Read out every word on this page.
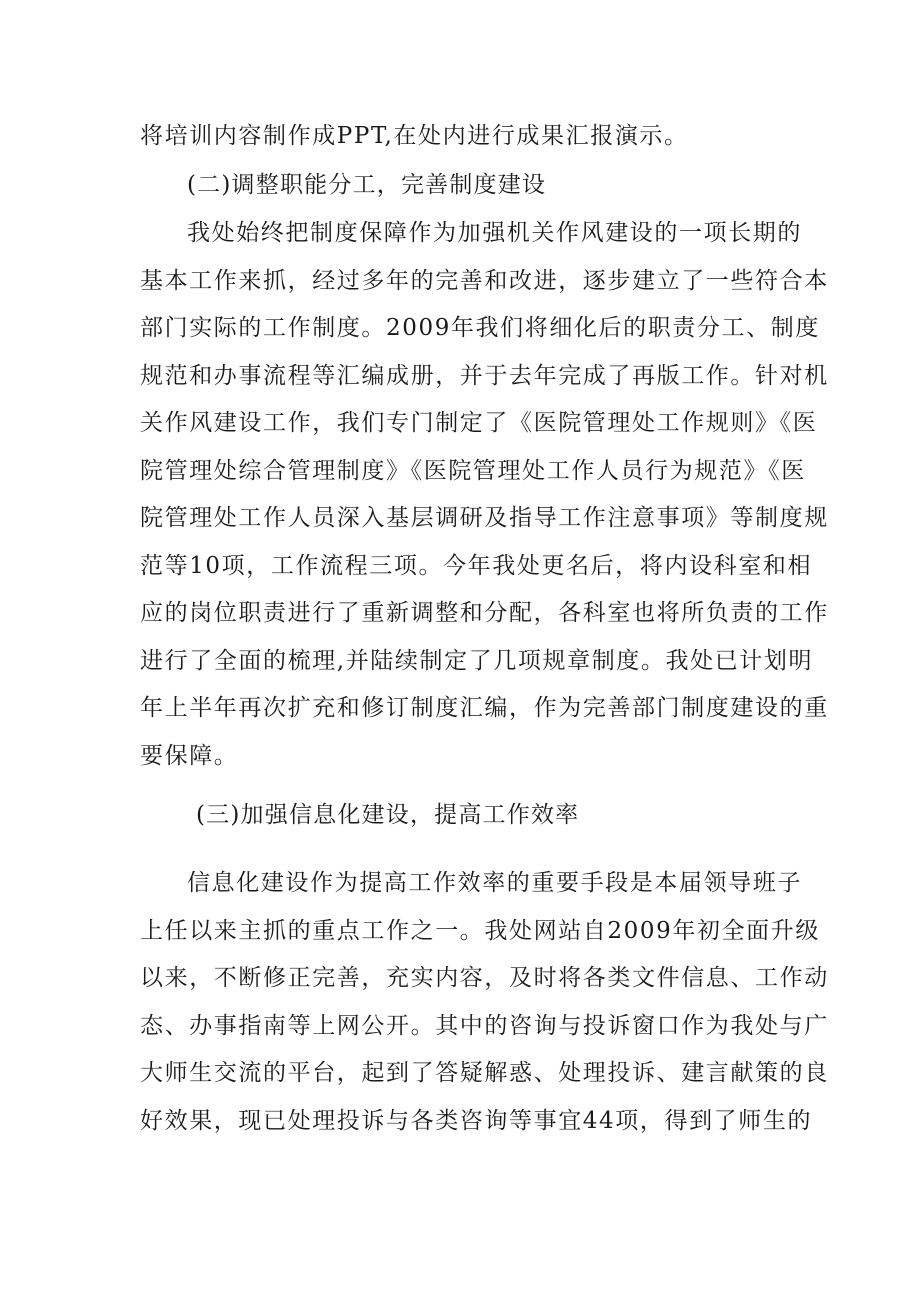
将培训内容制作成PPT,在处内进行成果汇报演示。
(二)调整职能分工，完善制度建设
我处始终把制度保障作为加强机关作风建设的一项长期的
基本工作来抓，经过多年的完善和改进，逐步建立了一些符合本
部门实际的工作制度。2009年我们将细化后的职责分工、制度
规范和办事流程等汇编成册，并于去年完成了再版工作。针对机
关作风建设工作，我们专门制定了《医院管理处工作规则》《医
院管理处综合管理制度》《医院管理处工作人员行为规范》《医
院管理处工作人员深入基层调研及指导工作注意事项》等制度规
范等10项，工作流程三项。今年我处更名后，将内设科室和相
应的岗位职责进行了重新调整和分配，各科室也将所负责的工作
进行了全面的梳理,并陆续制定了几项规章制度。我处已计划明
年上半年再次扩充和修订制度汇编，作为完善部门制度建设的重
要保障。
(三)加强信息化建设，提高工作效率
信息化建设作为提高工作效率的重要手段是本届领导班子
上任以来主抓的重点工作之一。我处网站自2009年初全面升级
以来，不断修正完善，充实内容，及时将各类文件信息、工作动
态、办事指南等上网公开。其中的咨询与投诉窗口作为我处与广
大师生交流的平台，起到了答疑解惑、处理投诉、建言献策的良
好效果，现已处理投诉与各类咨询等事宜44项，得到了师生的
